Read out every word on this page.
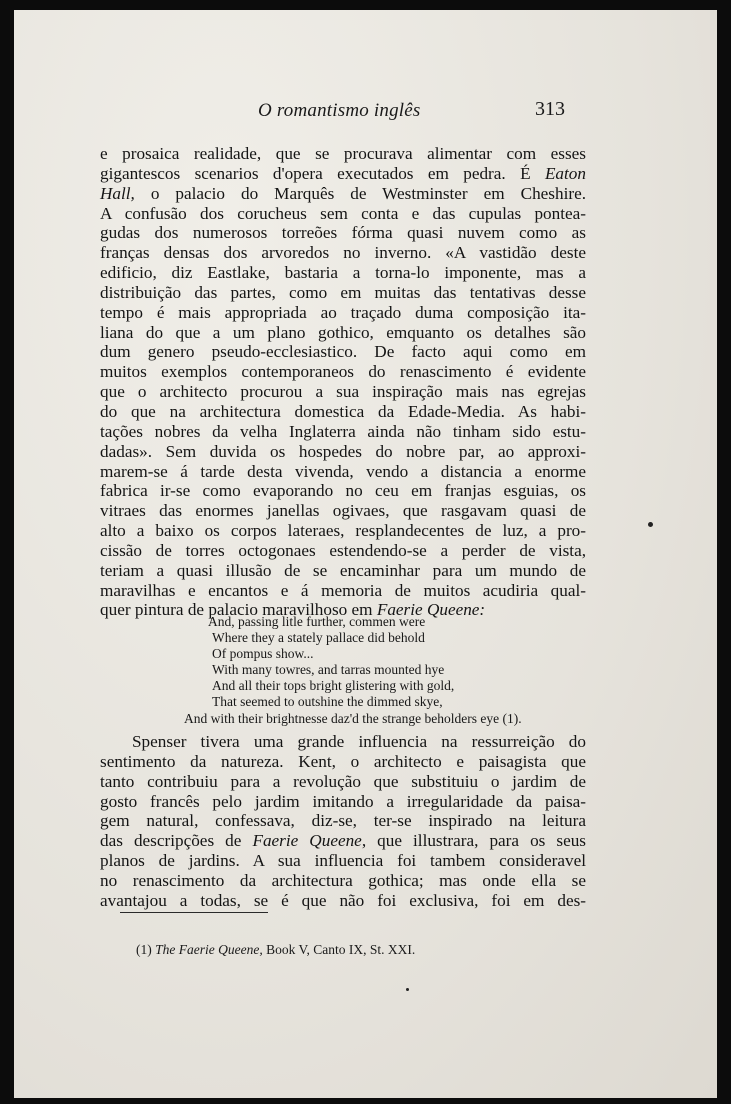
O romantismo inglês	313

e prosaica realidade, que se procurava alimentar com esses
gigantescos scenarios d'opera executados em pedra. É Eaton
Hall, o palacio do Marquês de Westminster em Cheshire.
A confusão dos corucheus sem conta e das cupulas pontea-
gudas dos numerosos torreões fórma quasi nuvem como as
franças densas dos arvoredos no inverno. «A vastidão deste
edificio, diz Eastlake, bastaria a torna-lo imponente, mas a
distribuição das partes, como em muitas das tentativas desse
tempo é mais appropriada ao traçado duma composição ita-
liana do que a um plano gothico, emquanto os detalhes são
dum genero pseudo-ecclesiastico. De facto aqui como em
muitos exemplos contemporaneos do renascimento é evidente
que o architecto procurou a sua inspiração mais nas egrejas
do que na architectura domestica da Edade-Media. As habi-
tações nobres da velha Inglaterra ainda não tinham sido estu-
dadas». Sem duvida os hospedes do nobre par, ao approxi-
marem-se á tarde desta vivenda, vendo a distancia a enorme
fabrica ir-se como evaporando no ceu em franjas esguias, os
vitraes das enormes janellas ogivaes, que rasgavam quasi de
alto a baixo os corpos lateraes, resplandecentes de luz, a pro-
cissão de torres octogonaes estendendo-se a perder de vista,
teriam a quasi illusão de se encaminhar para um mundo de
maravilhas e encantos e á memoria de muitos acudiria qual-
quer pintura de palacio maravilhoso em Faerie Queene:

And, passing litle further, commen were
Where they a stately pallace did behold
Of pompus show...
With many towres, and tarras mounted hye
And all their tops bright glistering with gold,
That seemed to outshine the dimmed skye,
And with their brightnesse daz'd the strange beholders eye (1).

Spenser tivera uma grande influencia na ressurreição do
sentimento da natureza. Kent, o architecto e paisagista que
tanto contribuiu para a revolução que substituiu o jardim de
gosto francês pelo jardim imitando a irregularidade da paisa-
gem natural, confessava, diz-se, ter-se inspirado na leitura
das descripções de Faerie Queene, que illustrara, para os seus
planos de jardins. A sua influencia foi tambem consideravel
no renascimento da architectura gothica; mas onde ella se
avantajou a todas, se é que não foi exclusiva, foi em des-

(1) The Faerie Queene, Book V, Canto IX, St. XXI.
